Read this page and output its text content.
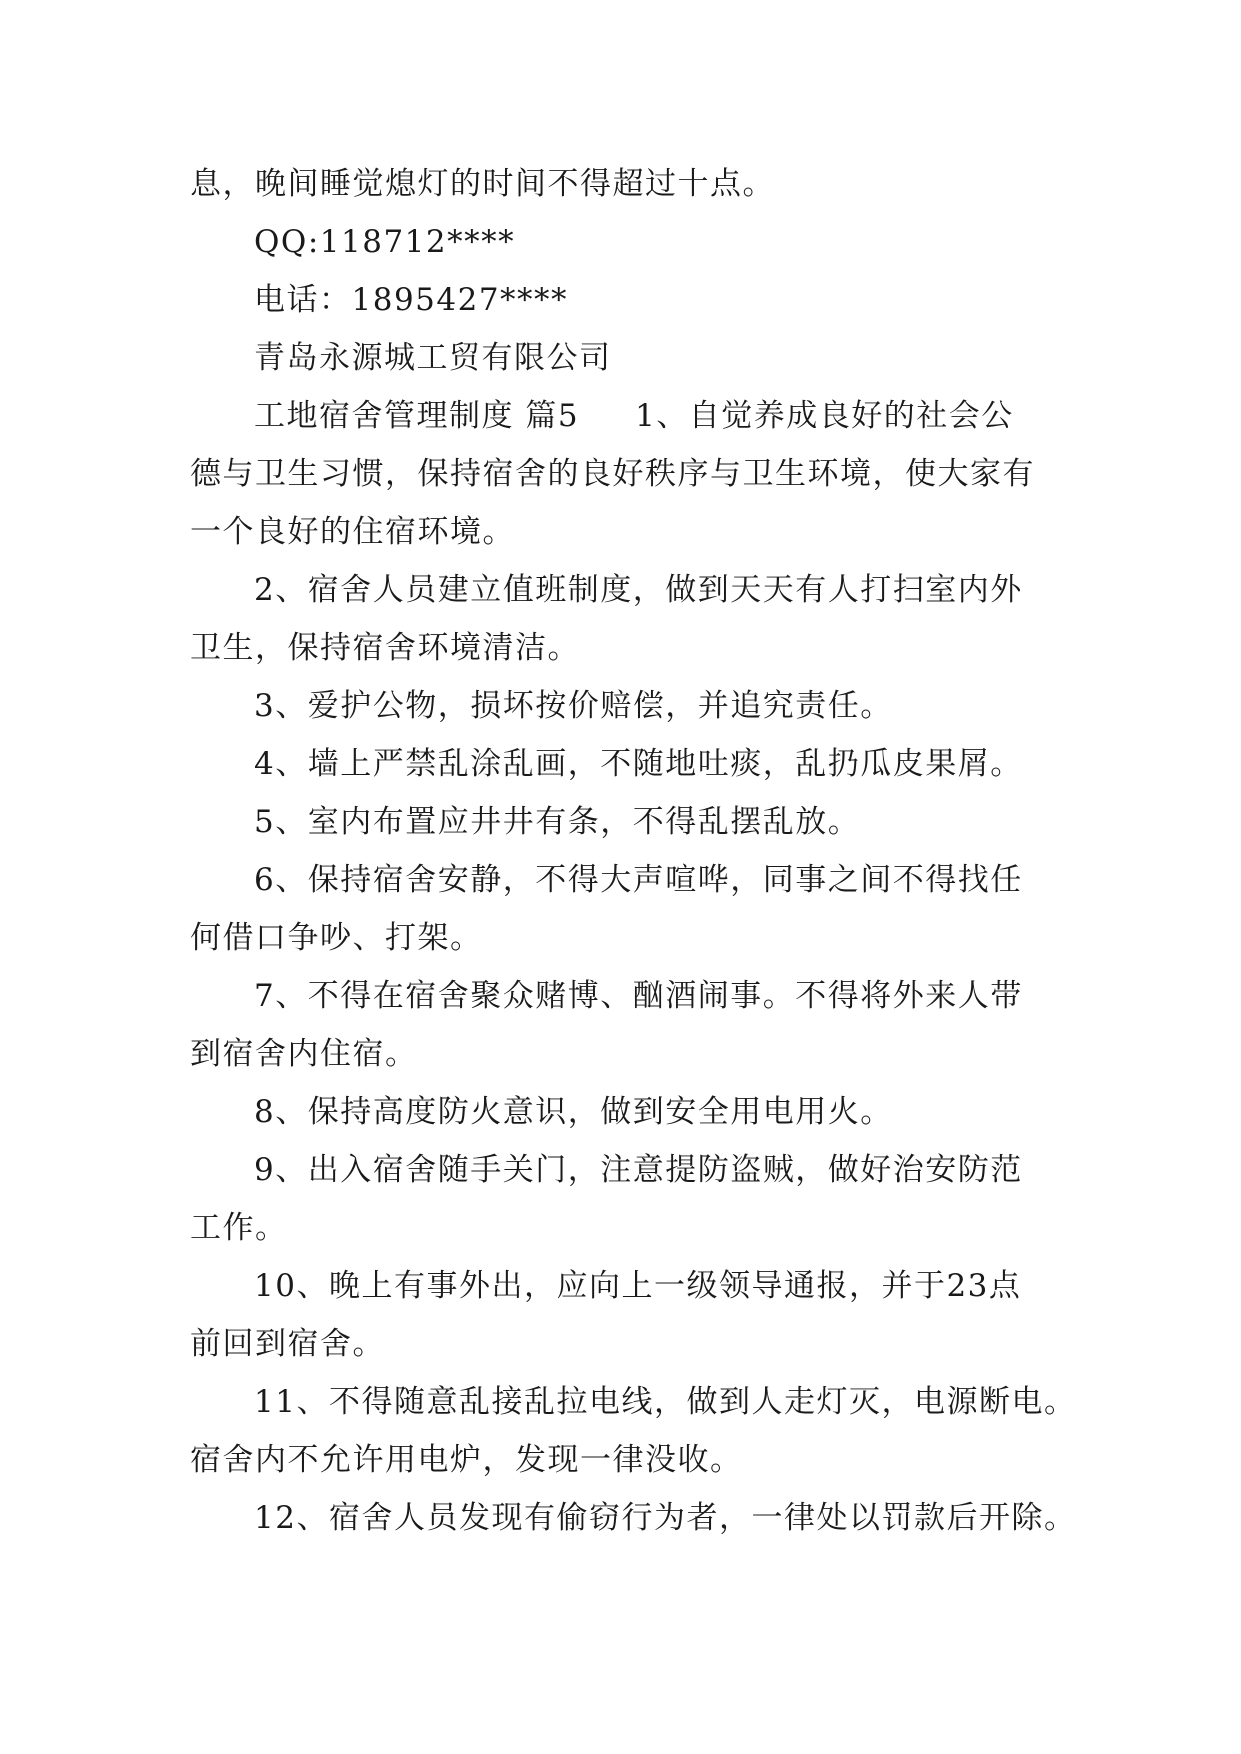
息，晚间睡觉熄灯的时间不得超过十点。
QQ:118712****
电话：1895427****
青岛永源城工贸有限公司
工地宿舍管理制度 篇5 1、自觉养成良好的社会公
德与卫生习惯，保持宿舍的良好秩序与卫生环境，使大家有
一个良好的住宿环境。
2、宿舍人员建立值班制度，做到天天有人打扫室内外
卫生，保持宿舍环境清洁。
3、爱护公物，损坏按价赔偿，并追究责任。
4、墙上严禁乱涂乱画，不随地吐痰，乱扔瓜皮果屑。
5、室内布置应井井有条，不得乱摆乱放。
6、保持宿舍安静，不得大声喧哗，同事之间不得找任
何借口争吵、打架。
7、不得在宿舍聚众赌博、酗酒闹事。不得将外来人带
到宿舍内住宿。
8、保持高度防火意识，做到安全用电用火。
9、出入宿舍随手关门，注意提防盗贼，做好治安防范
工作。
10、晚上有事外出，应向上一级领导通报，并于23点
前回到宿舍。
11、不得随意乱接乱拉电线，做到人走灯灭，电源断电。
宿舍内不允许用电炉，发现一律没收。
12、宿舍人员发现有偷窃行为者，一律处以罚款后开除。
